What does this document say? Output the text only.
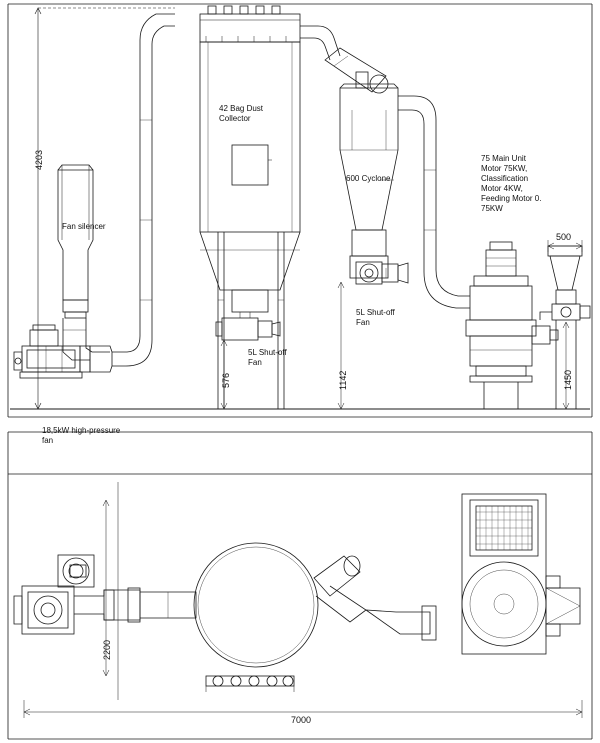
4203
Fan silencer
42 Bag Dust
Collector
600 Cyclone
75 Main Unit
Motor 75KW,
Classification
Motor 4KW,
Feeding Motor 0.
75KW
5L Shut-off
Fan
5L Shut-off
Fan
18,5kW high-pressure
fan
576	1142	1450
500
2200
7000
